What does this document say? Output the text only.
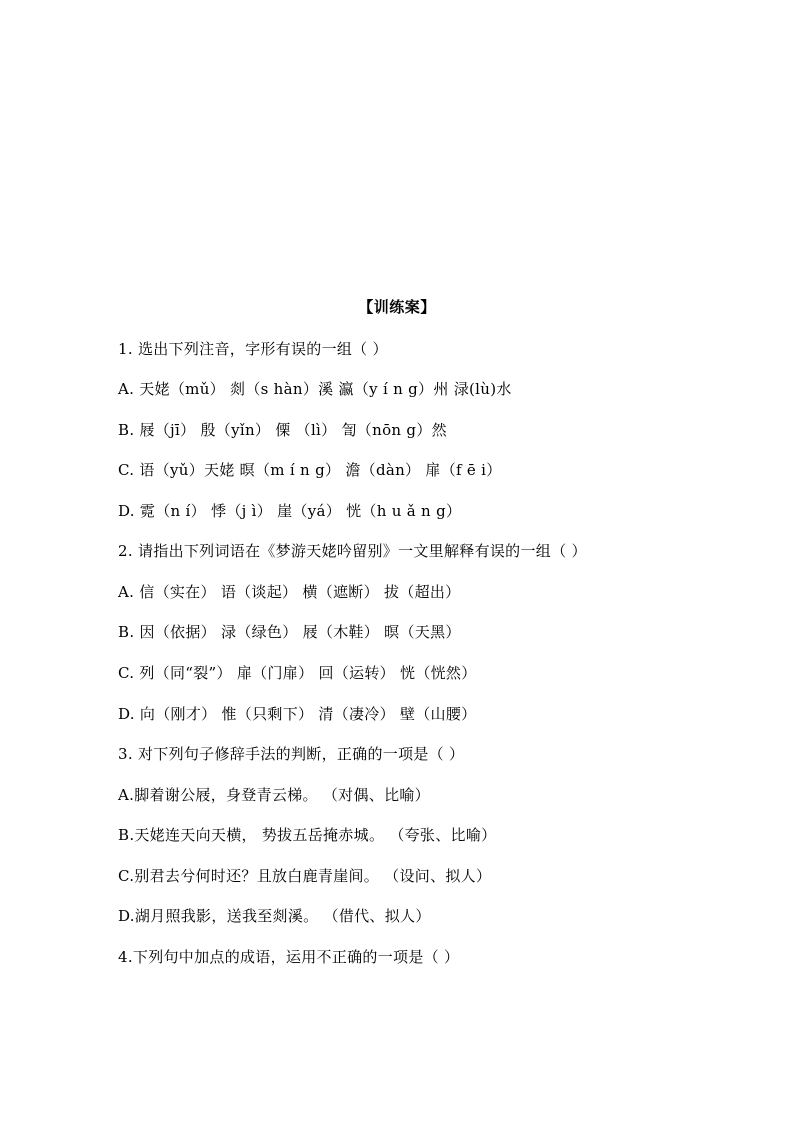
【训练案】
1. 选出下列注音，字形有误的一组（ ）
A. 天姥（mǔ） 剡（s hàn）溪 瀛（y í n g）州 渌(lù)水
B. 屐（jī） 殷（yǐn） 傈 （lì） 訇（nōn g）然
C. 语（yǔ）天姥 暝（m í n g） 澹（dàn） 扉（f ē i）
D. 霓（n í） 悸（j ì） 崖（yá） 恍（h u ǎ n g）
2. 请指出下列词语在《梦游天姥吟留别》一文里解释有误的一组（ ）
A. 信（实在） 语（谈起） 横（遮断） 拔（超出）
B. 因（依据） 渌（绿色） 屐（木鞋） 暝（天黑）
C. 列（同“裂”） 扉（门扉） 回（运转） 恍（恍然）
D. 向（刚才） 惟（只剩下） 清（凄冷） 壁（山腰）
3. 对下列句子修辞手法的判断，正确的一项是（ ）
A.脚着谢公屐，身登青云梯。 （对偶、比喻）
B.天姥连天向天横， 势拔五岳掩赤城。 （夸张、比喻）
C.别君去兮何时还？且放白鹿青崖间。 （设问、拟人）
D.湖月照我影，送我至剡溪。 （借代、拟人）
4.下列句中加点的成语，运用不正确的一项是（ ）
